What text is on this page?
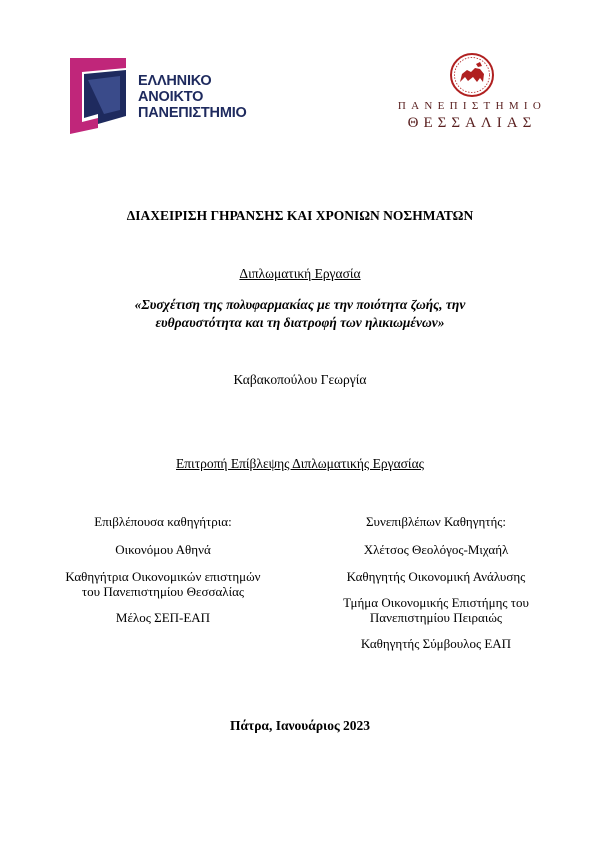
ΕΛΛΗΝΙΚΟ
ΑΝΟΙΚΤΟ
ΠΑΝΕΠΙΣΤΗΜΙΟ	ΠΑΝΕΠΙΣΤΗΜΙΟ
ΘΕΣΣΑΛΙΑΣ
ΔΙΑΧΕΙΡΙΣΗ ΓΗΡΑΝΣΗΣ ΚΑΙ ΧΡΟΝΙΩΝ ΝΟΣΗΜΑΤΩΝ
Διπλωματική Εργασία
«Συσχέτιση της πολυφαρμακίας με την ποιότητα ζωής, την
ευθραυστότητα και τη διατροφή των ηλικιωμένων»
Καβακοπούλου Γεωργία
Επιτροπή Επίβλεψης Διπλωματικής Εργασίας
Επιβλέπουσα καθηγήτρια:
Οικονόμου Αθηνά
Καθηγήτρια Οικονομικών επιστημών
του Πανεπιστημίου Θεσσαλίας
Μέλος ΣΕΠ-ΕΑΠ
Συνεπιβλέπων Καθηγητής:
Χλέτσος Θεολόγος-Μιχαήλ
Καθηγητής Οικονομική Ανάλυσης
Τμήμα Οικονομικής Επιστήμης του
Πανεπιστημίου Πειραιώς
Καθηγητής Σύμβουλος ΕΑΠ
Πάτρα, Ιανουάριος 2023
